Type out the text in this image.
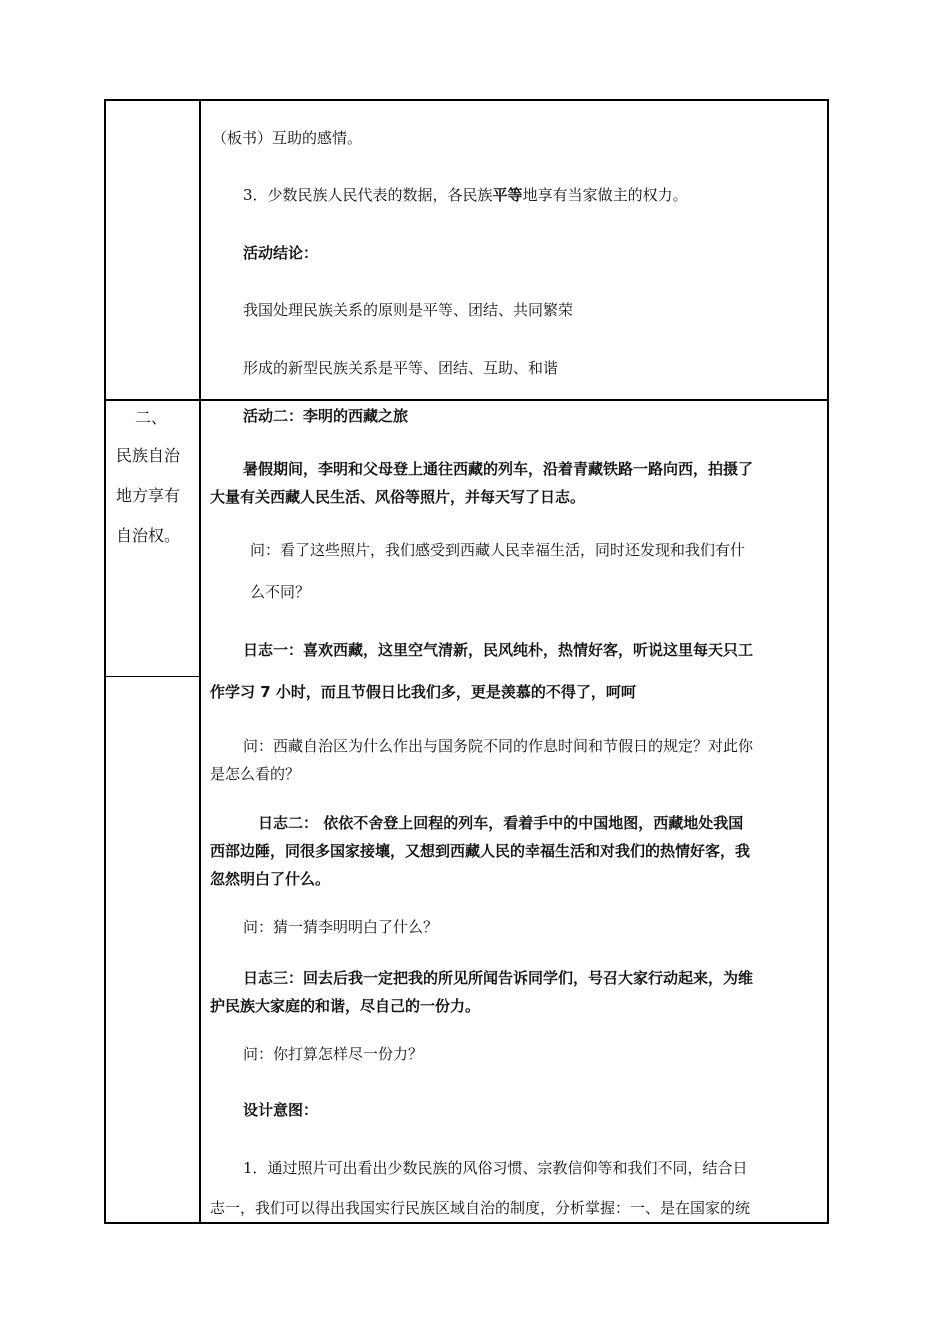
（板书）互助的感情。
3．少数民族人民代表的数据，各民族平等地享有当家做主的权力。
活动结论：
我国处理民族关系的原则是平等、团结、共同繁荣
形成的新型民族关系是平等、团结、互助、和谐
二、
民族自治
地方享有
自治权。
活动二：李明的西藏之旅
暑假期间，李明和父母登上通往西藏的列车，沿着青藏铁路一路向西，拍摄了
大量有关西藏人民生活、风俗等照片，并每天写了日志。
问：看了这些照片，我们感受到西藏人民幸福生活，同时还发现和我们有什
么不同？
日志一：喜欢西藏，这里空气清新，民风纯朴，热情好客，听说这里每天只工
作学习 7 小时，而且节假日比我们多，更是羡慕的不得了，呵呵
问：西藏自治区为什么作出与国务院不同的作息时间和节假日的规定？对此你
是怎么看的？
日志二： 依依不舍登上回程的列车，看着手中的中国地图，西藏地处我国
西部边陲，同很多国家接壤，又想到西藏人民的幸福生活和对我们的热情好客，我
忽然明白了什么。
问：猜一猜李明明白了什么？
日志三：回去后我一定把我的所见所闻告诉同学们，号召大家行动起来，为维
护民族大家庭的和谐，尽自己的一份力。
问：你打算怎样尽一份力？
设计意图：
1．通过照片可出看出少数民族的风俗习惯、宗教信仰等和我们不同，结合日
志一，我们可以得出我国实行民族区域自治的制度，分析掌握：一、是在国家的统
